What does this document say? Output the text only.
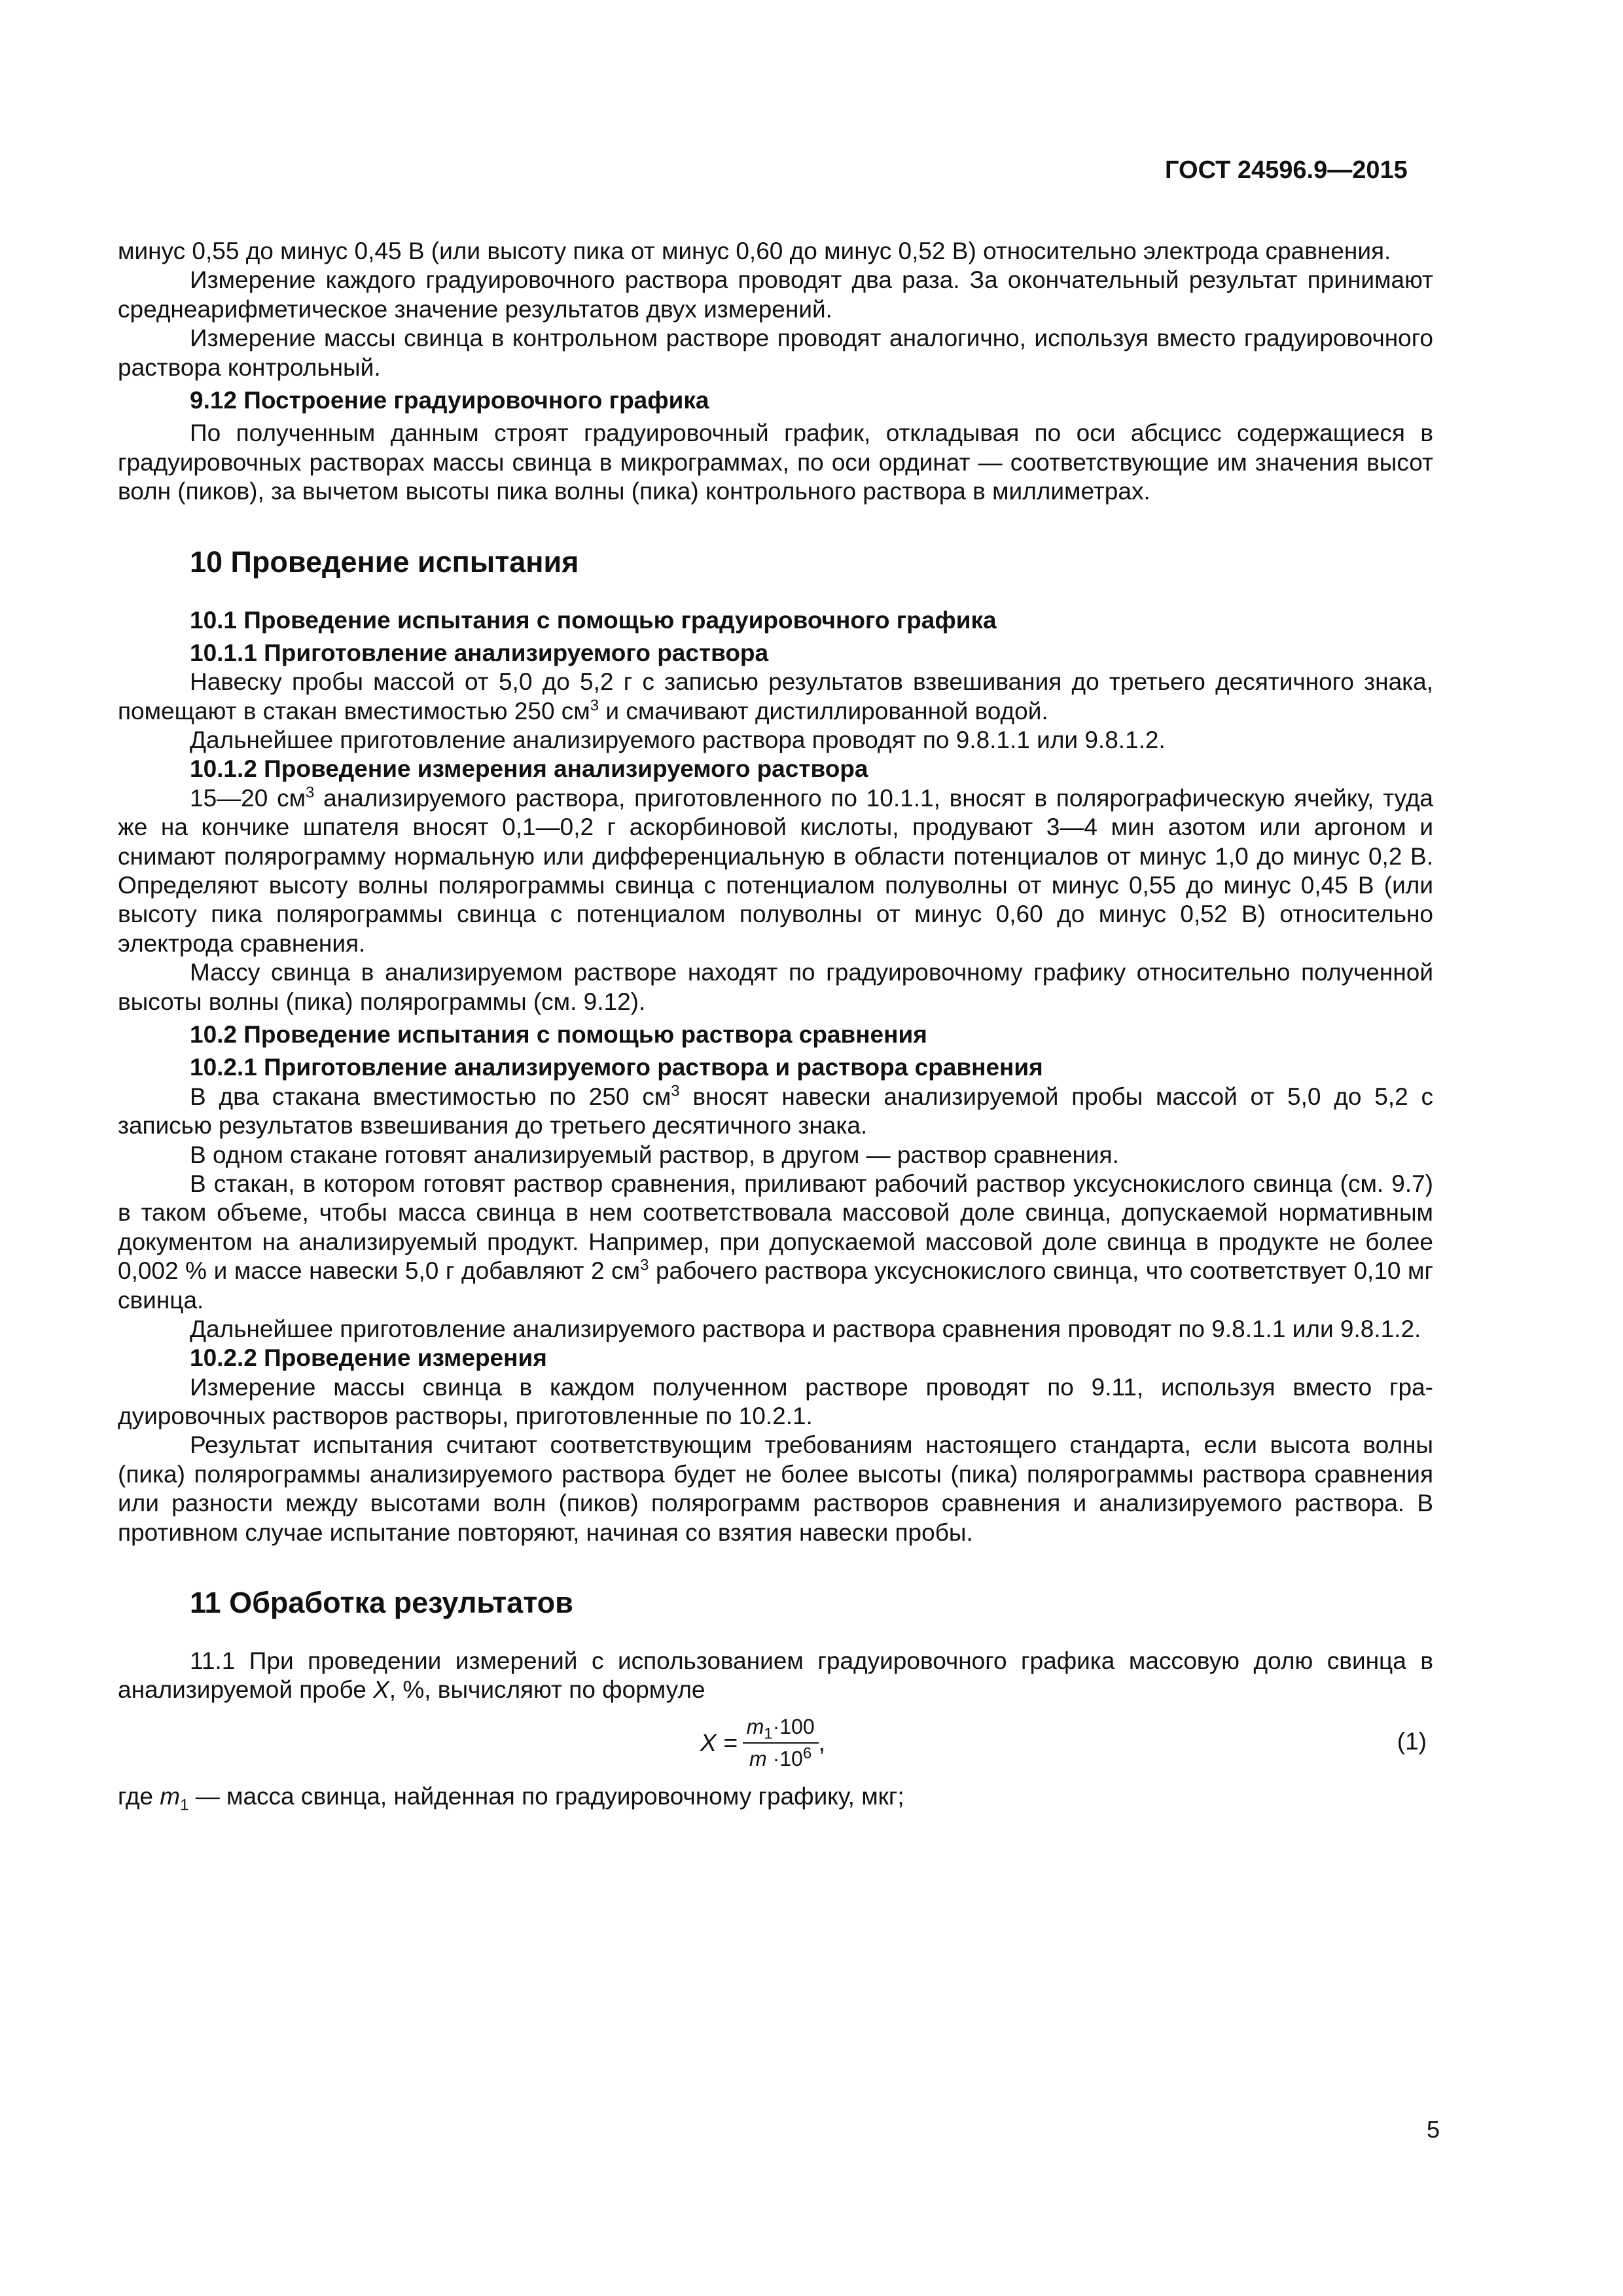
ГОСТ 24596.9—2015

минус 0,55 до минус 0,45 В (или высоту пика от минус 0,60 до минус 0,52 В) относительно электрода сравнения.

Измерение каждого градуировочного раствора проводят два раза. За окончательный результат принимают среднеарифметическое значение результатов двух измерений.

Измерение массы свинца в контрольном растворе проводят аналогично, используя вместо градуировочного раствора контрольный.

9.12 Построение градуировочного графика

По полученным данным строят градуировочный график, откладывая по оси абсцисс содержащиеся в градуировочных растворах массы свинца в микрограммах, по оси ординат — соответствующие им значения высот волн (пиков), за вычетом высоты пика волны (пика) контрольного раствора в миллиметрах.

10 Проведение испытания

10.1 Проведение испытания с помощью градуировочного графика

10.1.1 Приготовление анализируемого раствора

Навеску пробы массой от 5,0 до 5,2 г с записью результатов взвешивания до третьего десятичного знака, помещают в стакан вместимостью 250 $см^3$ и смачивают дистиллированной водой.

Дальнейшее приготовление анализируемого раствора проводят по 9.8.1.1 или 9.8.1.2.

10.1.2 Проведение измерения анализируемого раствора

15—20 $см^3$ анализируемого раствора, приготовленного по 10.1.1, вносят в полярографическую ячейку, туда же на кончике шпателя вносят 0,1—0,2 г аскорбиновой кислоты, продувают 3—4 мин азотом или аргоном и снимают полярограмму нормальную или дифференциальную в области потенциалов от минус 1,0 до минус 0,2 В. Определяют высоту волны полярограммы свинца с потенциалом полуволны от минус 0,55 до минус 0,45 В (или высоту пика полярограммы свинца с потенциалом полуволны от минус 0,60 до минус 0,52 В) относительно электрода сравнения.

Массу свинца в анализируемом растворе находят по градуировочному графику относительно полученной высоты волны (пика) полярограммы (см. 9.12).

10.2 Проведение испытания с помощью раствора сравнения

10.2.1 Приготовление анализируемого раствора и раствора сравнения

В два стакана вместимостью по 250 $см^3$ вносят навески анализируемой пробы массой от 5,0 до 5,2 с записью результатов взвешивания до третьего десятичного знака.

В одном стакане готовят анализируемый раствор, в другом — раствор сравнения.

В стакан, в котором готовят раствор сравнения, приливают рабочий раствор уксуснокислого свинца (см. 9.7) в таком объеме, чтобы масса свинца в нем соответствовала массовой доле свинца, допускаемой нормативным документом на анализируемый продукт. Например, при допускаемой массовой доле свинца в продукте не более 0,002 % и массе навески 5,0 г добавляют 2 $см^3$ рабочего раствора уксуснокислого свинца, что соответствует 0,10 мг свинца.

Дальнейшее приготовление анализируемого раствора и раствора сравнения проводят по 9.8.1.1 или 9.8.1.2.

10.2.2 Проведение измерения

Измерение массы свинца в каждом полученном растворе проводят по 9.11, используя вместо градуировочных растворов растворы, приготовленные по 10.2.1.

Результат испытания считают соответствующим требованиям настоящего стандарта, если высота волны (пика) полярограммы анализируемого раствора будет не более высоты (пика) полярограммы раствора сравнения или разности между высотами волн (пиков) полярограмм растворов сравнения и анализируемого раствора. В противном случае испытание повторяют, начиная со взятия навески пробы.

11 Обработка результатов

11.1 При проведении измерений с использованием градуировочного графика массовую долю свинца в анализируемой пробе X, %, вычисляют по формуле

$X = \frac{m_1\cdot 100}{m \cdot 10^6}$ ,	(1)

где $m_1$ — масса свинца, найденная по градуировочному графику, мкг;

5
